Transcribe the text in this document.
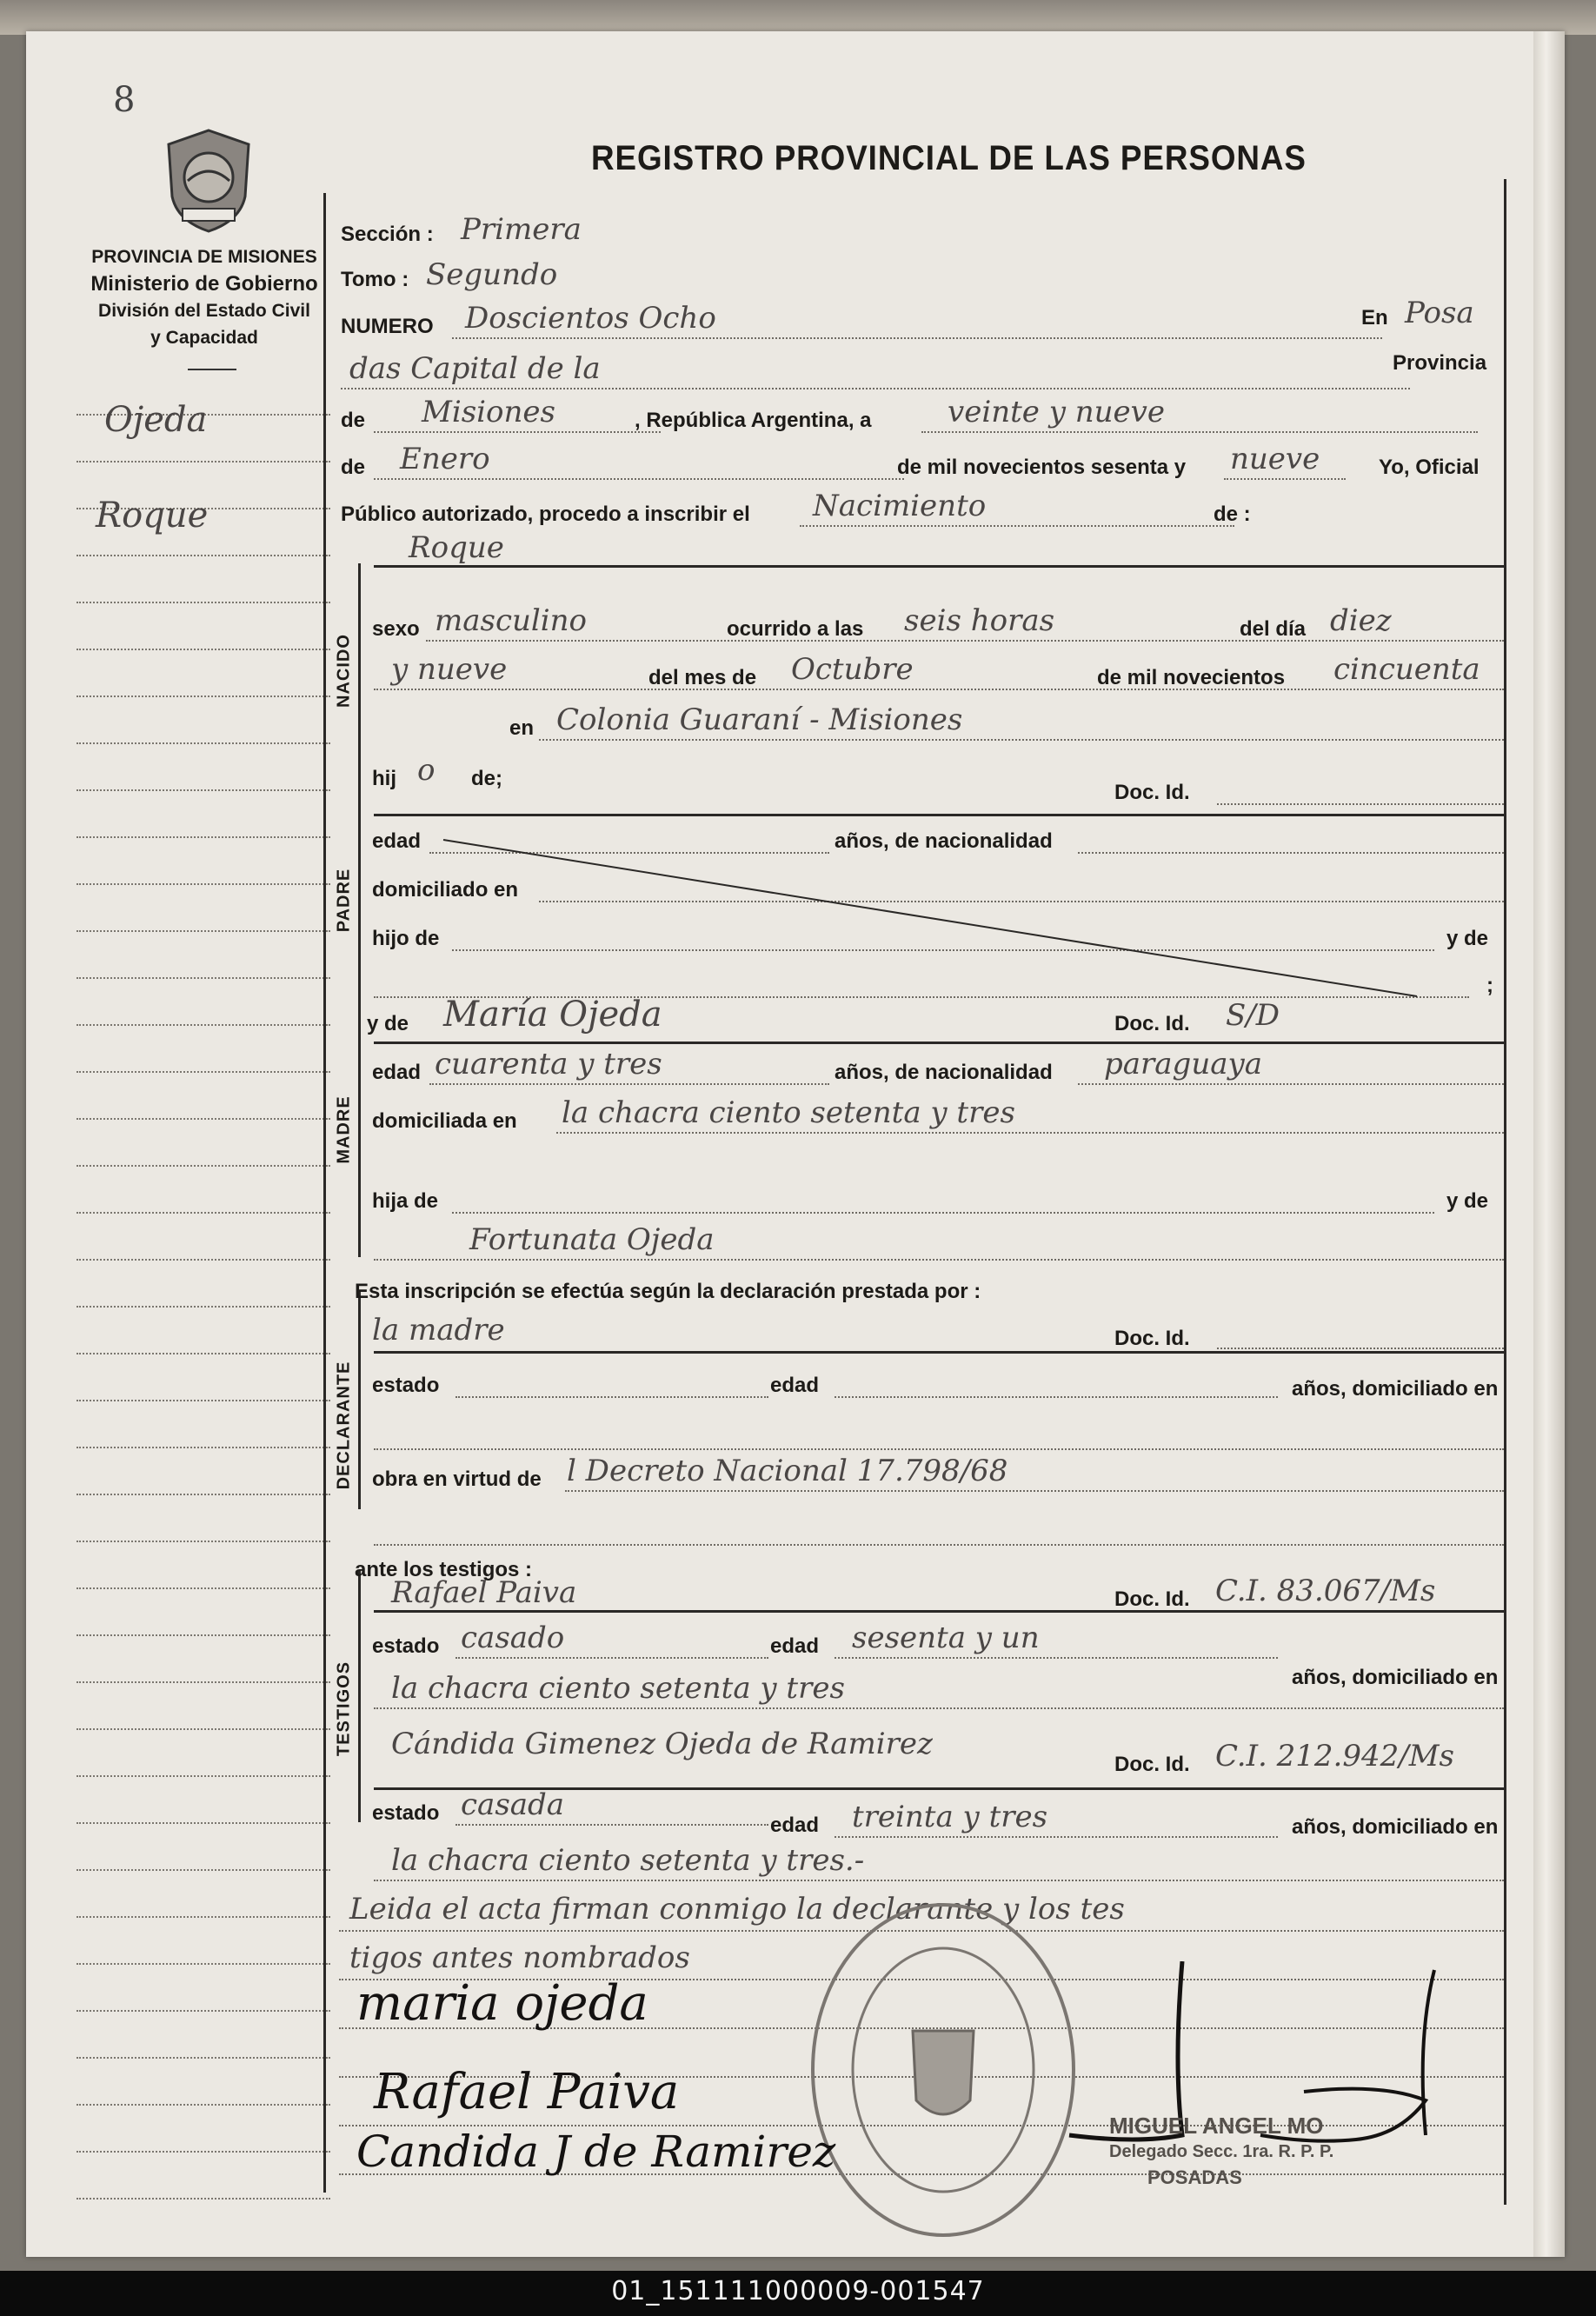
8
PROVINCIA DE MISIONES
Ministerio de Gobierno
División del Estado Civil
y Capacidad
REGISTRO PROVINCIAL DE LAS PERSONAS
Ojeda
Roque
NACIDO
PADRE
MADRE
DECLARANTE
TESTIGOS
Sección : Primera
Tomo : Segundo
NUMERO Doscientos Ocho	En Posa
das Capital de la	Provincia
de Misiones	, República Argentina, a	veinte y nueve
de Enero	de mil novecientos sesenta y nueve	Yo, Oficial
Público autorizado, procedo a inscribir el Nacimiento	de :
Roque
sexo masculino	ocurrido a las seis horas	del día diez
y nueve	del mes de Octubre	de mil novecientos cincuenta
en Colonia Guaraní - Misiones
hij o de;
Doc. Id.
edad	años, de nacionalidad
domiciliado en
hijo de	y de
;
y de María Ojeda	Doc. Id. S/D
edad cuarenta y tres	años, de nacionalidad paraguaya
domiciliada en la chacra ciento setenta y tres
hija de	y de
Fortunata Ojeda
Esta inscripción se efectúa según la declaración prestada por :
la madre	Doc. Id.
estado	edad	años, domiciliado en
obra en virtud de l Decreto Nacional 17.798/68
ante los testigos :
Rafael Paiva	Doc. Id. C.I. 83.067/Ms
estado casado	edad sesenta y un
años, domiciliado en
la chacra ciento setenta y tres
Cándida Gimenez Ojeda de Ramirez
Doc. Id. C.I. 212.942/Ms
estado casada
edad treinta y tres	años, domiciliado en
la chacra ciento setenta y tres.-
Leida el acta firman conmigo la declarante y los tes
tigos antes nombrados
maria ojeda
Rafael Paiva
Candida J de Ramirez
MIGUEL ANGEL MO
Delegado Secc. 1ra. R. P. P.
POSADAS
01_151111000009-001547
